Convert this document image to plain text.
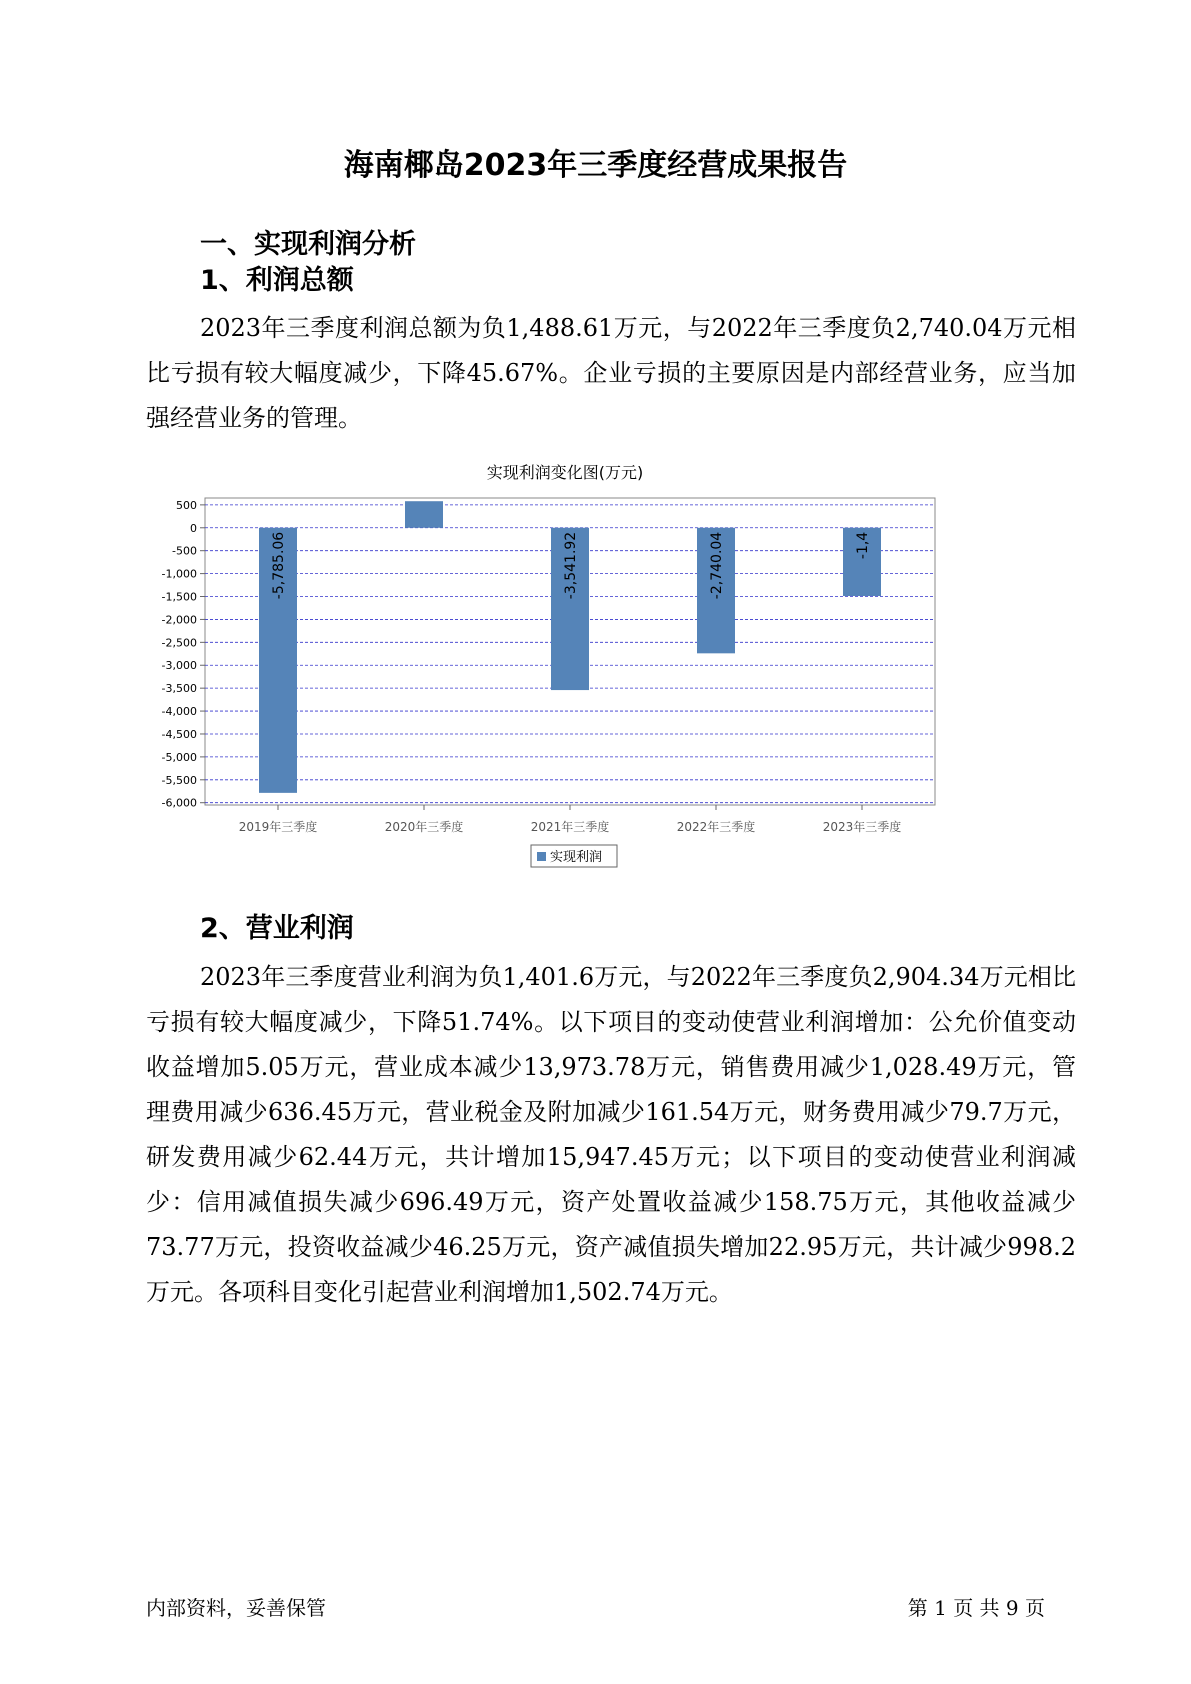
海南椰岛2023年三季度经营成果报告
一、实现利润分析
1、利润总额

2023年三季度利润总额为负1,488.61万元，与2022年三季度负2,740.04万元相比亏损有较大幅度减少，下降45.67%。企业亏损的主要原因是内部经营业务，应当加强经营业务的管理。

实现利润变化图(万元)
500
0
-500
-1,000
-1,500
-2,000
-2,500
-3,000
-3,500
-4,000
-4,500
-5,000
-5,500
-6,000
-5,785.06
2019年三季度	2020年三季度
-3,541.92
2021年三季度
-2,740.04
2022年三季度
-1,4
2023年三季度
实现利润
2、营业利润

2023年三季度营业利润为负1,401.6万元，与2022年三季度负2,904.34万元相比亏损有较大幅度减少，下降51.74%。以下项目的变动使营业利润增加：公允价值变动收益增加5.05万元，营业成本减少13,973.78万元，销售费用减少1,028.49万元，管理费用减少636.45万元，营业税金及附加减少161.54万元，财务费用减少79.7万元，研发费用减少62.44万元，共计增加15,947.45万元；以下项目的变动使营业利润减少：信用减值损失减少696.49万元，资产处置收益减少158.75万元，其他收益减少73.77万元，投资收益减少46.25万元，资产减值损失增加22.95万元，共计减少998.2万元。各项科目变化引起营业利润增加1,502.74万元。

内部资料，妥善保管	第 1 页 共 9 页
